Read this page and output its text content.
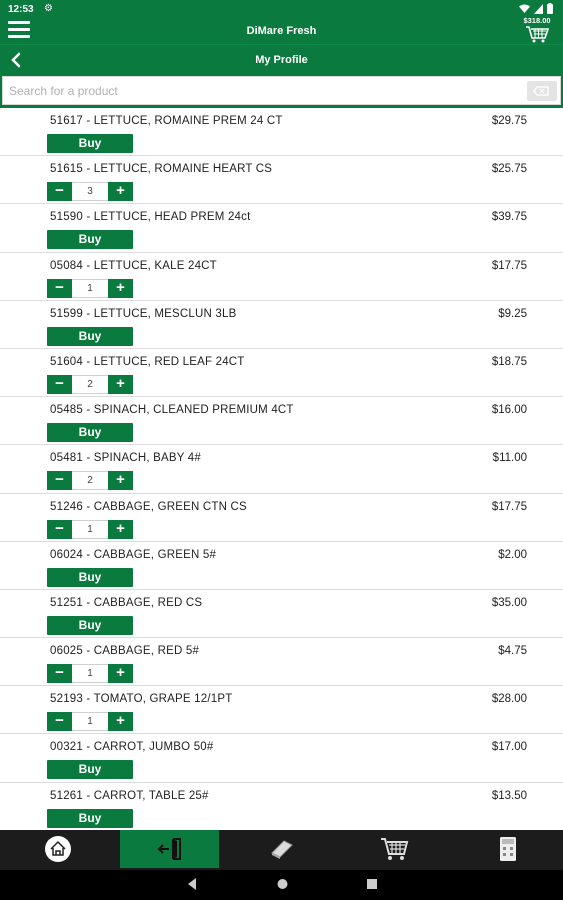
12:53 ⚙
DiMare Fresh
$318.00
My Profile
Search for a product
51617 - LETTUCE, ROMAINE PREM 24 CT	$29.75
Buy
51615 - LETTUCE, ROMAINE HEART CS	$25.75
−	3	+
51590 - LETTUCE, HEAD PREM 24ct	$39.75
Buy
05084 - LETTUCE, KALE 24CT	$17.75
−	1	+
51599 - LETTUCE, MESCLUN 3LB	$9.25
Buy
51604 - LETTUCE, RED LEAF 24CT	$18.75
−	2	+
05485 - SPINACH, CLEANED PREMIUM 4CT	$16.00
Buy
05481 - SPINACH, BABY 4#	$11.00
−	2	+
51246 - CABBAGE, GREEN CTN CS	$17.75
−	1	+
06024 - CABBAGE, GREEN 5#	$2.00
Buy
51251 - CABBAGE, RED CS	$35.00
Buy
06025 - CABBAGE, RED 5#	$4.75
−	1	+
52193 - TOMATO, GRAPE 12/1PT	$28.00
−	1	+
00321 - CARROT, JUMBO 50#	$17.00
Buy
51261 - CARROT, TABLE 25#	$13.50
Buy
